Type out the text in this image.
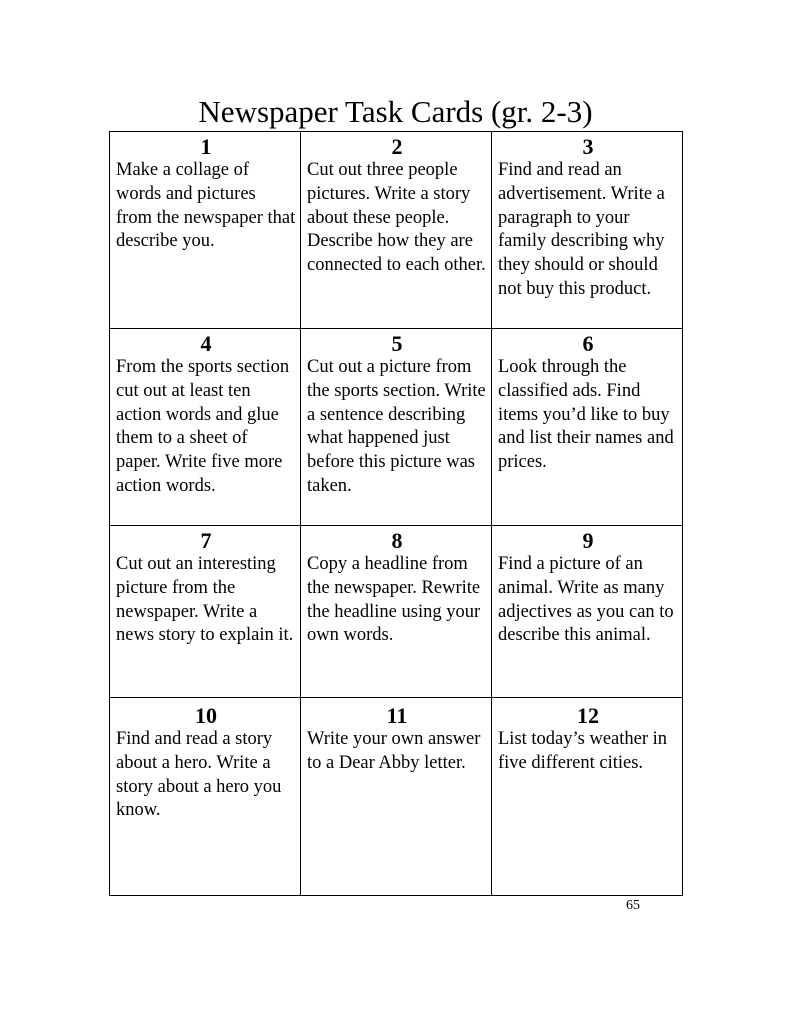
Newspaper Task Cards (gr. 2-3)
1

Make a collage of words and pictures from the newspaper that describe you.

2

Cut out three people pictures. Write a story about these people. Describe how they are connected to each other.

3

Find and read an advertisement. Write a paragraph to your family describing why they should or should not buy this product.

4

From the sports section cut out at least ten action words and glue them to a sheet of paper. Write five more action words.

5

Cut out a picture from the sports section. Write a sentence describing what happened just before this picture was taken.

6

Look through the classified ads. Find items you’d like to buy and list their names and prices.

7

Cut out an interesting picture from the newspaper. Write a news story to explain it.

8

Copy a headline from the newspaper. Rewrite the headline using your own words.

9

Find a picture of an animal. Write as many adjectives as you can to describe this animal.

10

Find and read a story about a hero. Write a story about a hero you know.

11

Write your own answer to a Dear Abby letter.

12

List today’s weather in five different cities.

65
